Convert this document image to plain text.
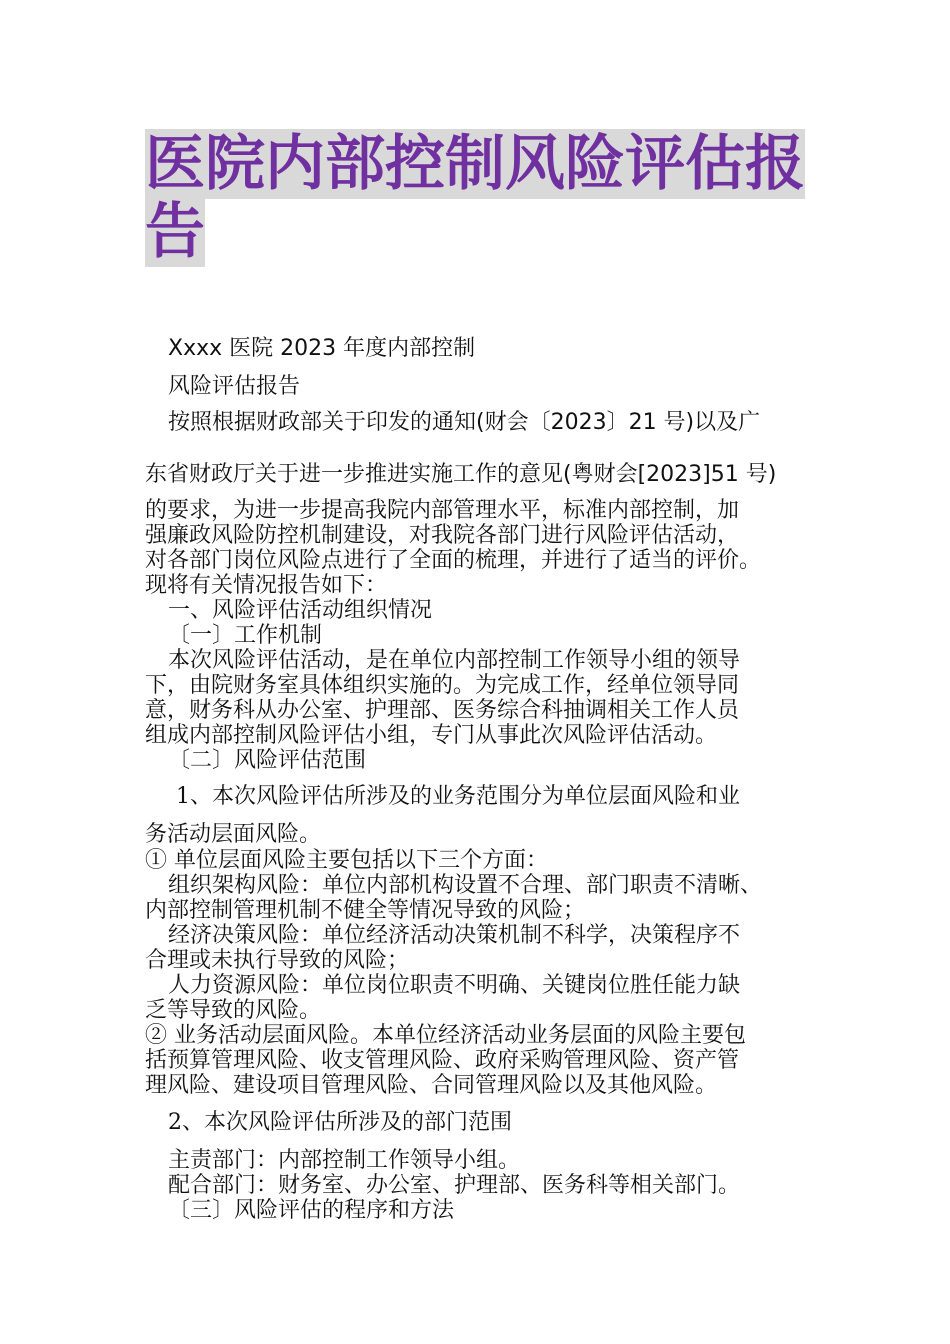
医院内部控制风险评估报告

Xxxx 医院 2023 年度内部控制

风险评估报告

按照根据财政部关于印发的通知(财会〔2023〕21 号)以及广

东省财政厅关于进一步推进实施工作的意见(粤财会[2023]51 号)

的要求，为进一步提高我院内部管理水平，标准内部控制，加

强廉政风险防控机制建设，对我院各部门进行风险评估活动，

对各部门岗位风险点进行了全面的梳理，并进行了适当的评价。

现将有关情况报告如下：

一、风险评估活动组织情况

〔一〕工作机制

本次风险评估活动，是在单位内部控制工作领导小组的领导

下，由院财务室具体组织实施的。为完成工作，经单位领导同

意，财务科从办公室、护理部、医务综合科抽调相关工作人员

组成内部控制风险评估小组，专门从事此次风险评估活动。

〔二〕风险评估范围

1、本次风险评估所涉及的业务范围分为单位层面风险和业

务活动层面风险。

① 单位层面风险主要包括以下三个方面：

组织架构风险：单位内部机构设置不合理、部门职责不清晰、

内部控制管理机制不健全等情况导致的风险；

经济决策风险：单位经济活动决策机制不科学，决策程序不

合理或未执行导致的风险；

人力资源风险：单位岗位职责不明确、关键岗位胜任能力缺

乏等导致的风险。

② 业务活动层面风险。本单位经济活动业务层面的风险主要包

括预算管理风险、收支管理风险、政府采购管理风险、资产管

理风险、建设项目管理风险、合同管理风险以及其他风险。

2、本次风险评估所涉及的部门范围

主责部门：内部控制工作领导小组。

配合部门：财务室、办公室、护理部、医务科等相关部门。

〔三〕风险评估的程序和方法
